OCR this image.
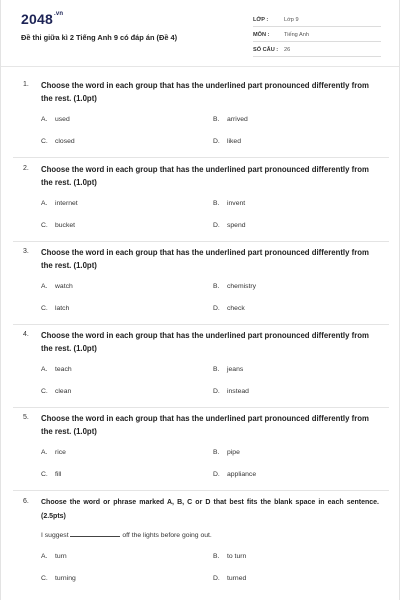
$2048^{.vn}$
Đề thi giữa kì 2 Tiếng Anh 9 có đáp án (Đề 4)
LỚP :	Lớp 9
MÔN :	Tiếng Anh
SỐ CÂU : 26
1. Choose the word in each group that has the underlined part pronounced differently from the rest. (1.0pt)
A. used	B. arrived
C. closed	D. liked
2. Choose the word in each group that has the underlined part pronounced differently from the rest. (1.0pt)
A. internet	B. invent
C. bucket	D. spend
3. Choose the word in each group that has the underlined part pronounced differently from the rest. (1.0pt)
A. watch	B. chemistry
C. latch	D. check
4. Choose the word in each group that has the underlined part pronounced differently from the rest. (1.0pt)
A. teach	B. jeans
C. clean	D. instead
5. Choose the word in each group that has the underlined part pronounced differently from the rest. (1.0pt)
A. rice	B. pipe
C. fill	D. appliance
6. Choose the word or phrase marked A, B, C or D that best fits the blank space in each sentence. (2.5pts)
I suggest	off the lights before going out.
A. turn	B. to turn
C. turning	D. turned
